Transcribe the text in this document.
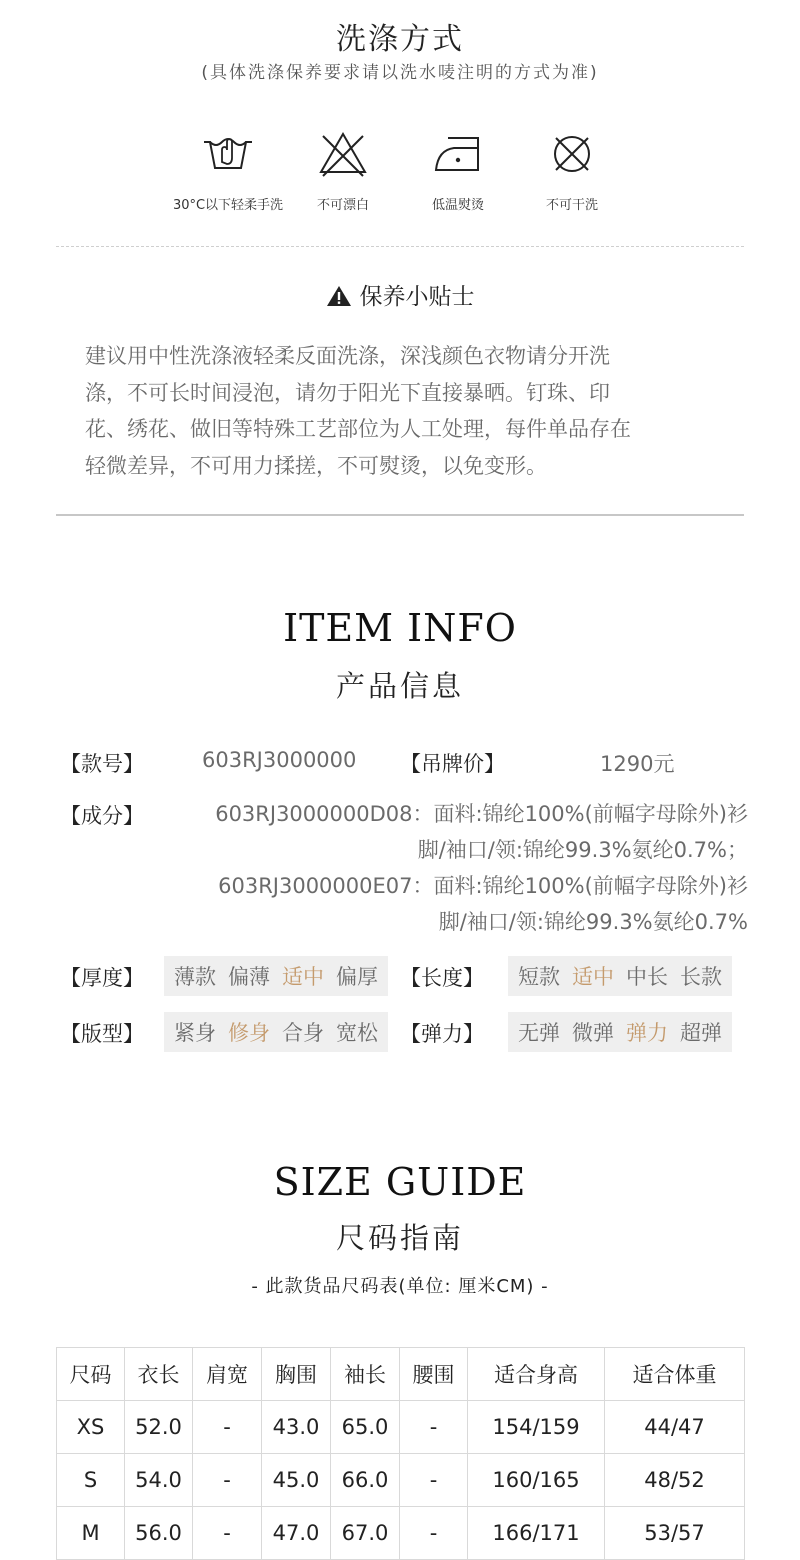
洗涤方式
(具体洗涤保养要求请以洗水唛注明的方式为准)
30°C以下轻柔手洗	不可漂白	低温熨烫	不可干洗
保养小贴士
建议用中性洗涤液轻柔反面洗涤，深浅颜色衣物请分开洗
涤，不可长时间浸泡，请勿于阳光下直接暴晒。钉珠、印
花、绣花、做旧等特殊工艺部位为人工处理，每件单品存在
轻微差异，不可用力揉搓，不可熨烫，以免变形。
ITEM INFO
产品信息
【款号】	603RJ3000000 【吊牌价】	1290元
【成分】	603RJ3000000D08：面料:锦纶100%(前幅字母除外)衫
脚/袖口/领:锦纶99.3%氨纶0.7%；
603RJ3000000E07：面料:锦纶100%(前幅字母除外)衫
脚/袖口/领:锦纶99.3%氨纶0.7%
【厚度】 薄款 偏薄 适中 偏厚 【长度】 短款 适中 中长 长款
【版型】 紧身 修身 合身 宽松 【弹力】 无弹 微弹 弹力 超弹
SIZE GUIDE
尺码指南
- 此款货品尺码表(单位: 厘米CM) -
尺码	衣长	肩宽	胸围	袖长	腰围	适合身高	适合体重
XS	52.0	-	43.0	65.0	-	154/159	44/47
S	54.0	-	45.0	66.0	-	160/165	48/52
M	56.0	-	47.0	67.0	-	166/171	53/57
